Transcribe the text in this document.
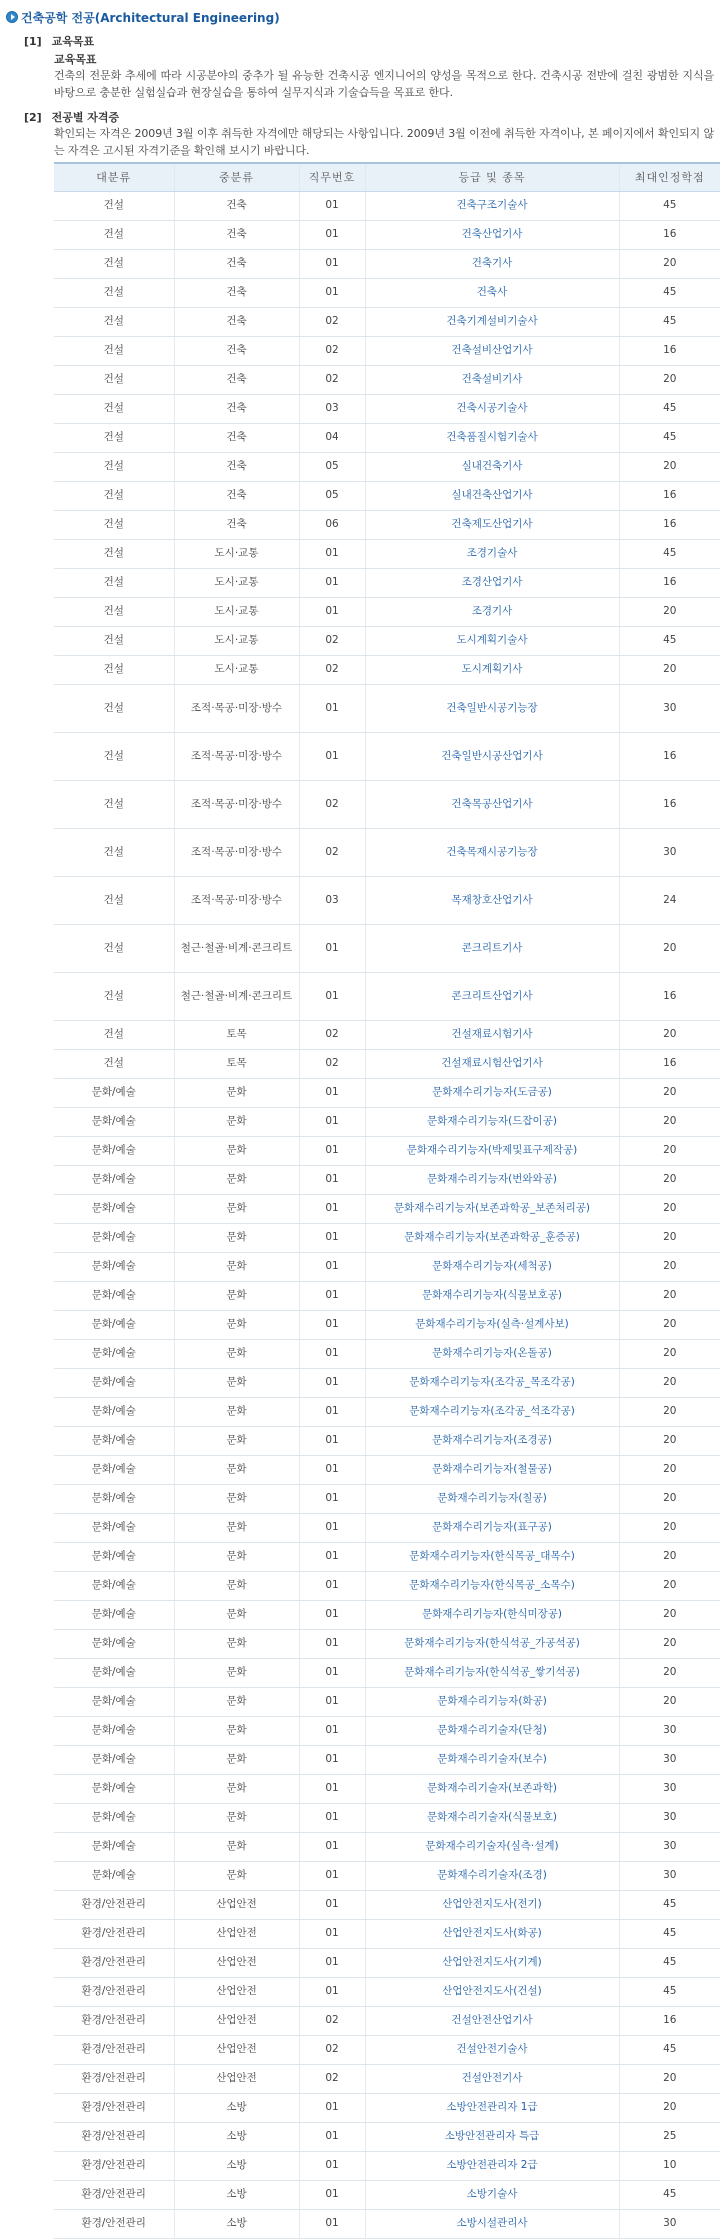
건축공학 전공(Architectural Engineering)
[1] 교육목표
교육목표

건축의 전문화 추세에 따라 시공분야의 중추가 될 유능한 건축시공 엔지니어의 양성을 목적으로 한다. 건축시공 전반에 걸친 광범한 지식을 바탕으로 충분한 실험실습과 현장실습을 통하여 실무지식과 기술습득을 목표로 한다.

[2] 전공별 자격증

확인되는 자격은 2009년 3월 이후 취득한 자격에만 해당되는 사항입니다. 2009년 3월 이전에 취득한 자격이나, 본 페이지에서 확인되지 않는 자격은 고시된 자격기준을 확인해 보시기 바랍니다.

대분류	중분류	직무번호	등급 및 종목	최대인정학점
건설	건축	01	건축구조기술사	45
건설	건축	01	건축산업기사	16
건설	건축	01	건축기사	20
건설	건축	01	건축사	45
건설	건축	02	건축기계설비기술사	45
건설	건축	02	건축설비산업기사	16
건설	건축	02	건축설비기사	20
건설	건축	03	건축시공기술사	45
건설	건축	04	건축품질시험기술사	45
건설	건축	05	실내건축기사	20
건설	건축	05	실내건축산업기사	16
건설	건축	06	건축제도산업기사	16
건설	도시·교통	01	조경기술사	45
건설	도시·교통	01	조경산업기사	16
건설	도시·교통	01	조경기사	20
건설	도시·교통	02	도시계획기술사	45
건설	도시·교통	02	도시계획기사	20
건설	조적·목공·미장·방수	01	건축일반시공기능장	30
건설	조적·목공·미장·방수	01	건축일반시공산업기사	16
건설	조적·목공·미장·방수	02	건축목공산업기사	16
건설	조적·목공·미장·방수	02	건축목재시공기능장	30
건설	조적·목공·미장·방수	03	목재창호산업기사	24
건설	철근·철골·비계·콘크리트	01	콘크리트기사	20
건설	철근·철골·비계·콘크리트	01	콘크리트산업기사	16
건설	토목	02	건설재료시험기사	20
건설	토목	02	건설재료시험산업기사	16
문화/예술	문화	01	문화재수리기능자(도금공)	20
문화/예술	문화	01	문화재수리기능자(드잡이공)	20
문화/예술	문화	01	문화재수리기능자(박제및표구제작공)	20
문화/예술	문화	01	문화재수리기능자(번와와공)	20
문화/예술	문화	01	문화재수리기능자(보존과학공_보존처리공)	20
문화/예술	문화	01	문화재수리기능자(보존과학공_훈증공)	20
문화/예술	문화	01	문화재수리기능자(세척공)	20
문화/예술	문화	01	문화재수리기능자(식물보호공)	20
문화/예술	문화	01	문화재수리기능자(실측·설계사보)	20
문화/예술	문화	01	문화재수리기능자(온돌공)	20
문화/예술	문화	01	문화재수리기능자(조각공_목조각공)	20
문화/예술	문화	01	문화재수리기능자(조각공_석조각공)	20
문화/예술	문화	01	문화재수리기능자(조경공)	20
문화/예술	문화	01	문화재수리기능자(철물공)	20
문화/예술	문화	01	문화재수리기능자(칠공)	20
문화/예술	문화	01	문화재수리기능자(표구공)	20
문화/예술	문화	01	문화재수리기능자(한식목공_대목수)	20
문화/예술	문화	01	문화재수리기능자(한식목공_소목수)	20
문화/예술	문화	01	문화재수리기능자(한식미장공)	20
문화/예술	문화	01	문화재수리기능자(한식석공_가공석공)	20
문화/예술	문화	01	문화재수리기능자(한식석공_쌓기석공)	20
문화/예술	문화	01	문화재수리기능자(화공)	20
문화/예술	문화	01	문화재수리기술자(단청)	30
문화/예술	문화	01	문화재수리기술자(보수)	30
문화/예술	문화	01	문화재수리기술자(보존과학)	30
문화/예술	문화	01	문화재수리기술자(식물보호)	30
문화/예술	문화	01	문화재수리기술자(실측·설계)	30
문화/예술	문화	01	문화재수리기술자(조경)	30
환경/안전관리	산업안전	01	산업안전지도사(전기)	45
환경/안전관리	산업안전	01	산업안전지도사(화공)	45
환경/안전관리	산업안전	01	산업안전지도사(기계)	45
환경/안전관리	산업안전	01	산업안전지도사(건설)	45
환경/안전관리	산업안전	02	건설안전산업기사	16
환경/안전관리	산업안전	02	건설안전기술사	45
환경/안전관리	산업안전	02	건설안전기사	20
환경/안전관리	소방	01	소방안전관리자 1급	20
환경/안전관리	소방	01	소방안전관리자 특급	25
환경/안전관리	소방	01	소방안전관리자 2급	10
환경/안전관리	소방	01	소방기술사	45
환경/안전관리	소방	01	소방시설관리사	30
